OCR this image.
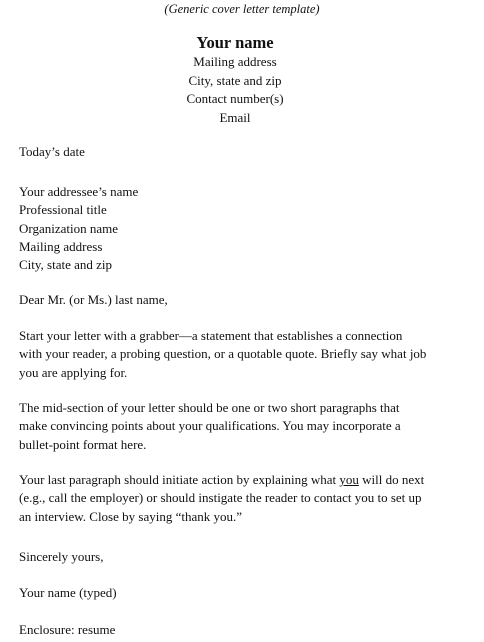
(Generic cover letter template)
Your name
Mailing address
City, state and zip
Contact number(s)
Email
Today’s date
Your addressee’s name
Professional title
Organization name
Mailing address
City, state and zip
Dear Mr. (or Ms.) last name,
Start your letter with a grabber—a statement that establishes a connection
with your reader, a probing question, or a quotable quote. Briefly say what job
you are applying for.
The mid-section of your letter should be one or two short paragraphs that
make convincing points about your qualifications. You may incorporate a
bullet-point format here.
Your last paragraph should initiate action by explaining what you will do next
(e.g., call the employer) or should instigate the reader to contact you to set up
an interview. Close by saying “thank you.”
Sincerely yours,
Your name (typed)
Enclosure: resume
